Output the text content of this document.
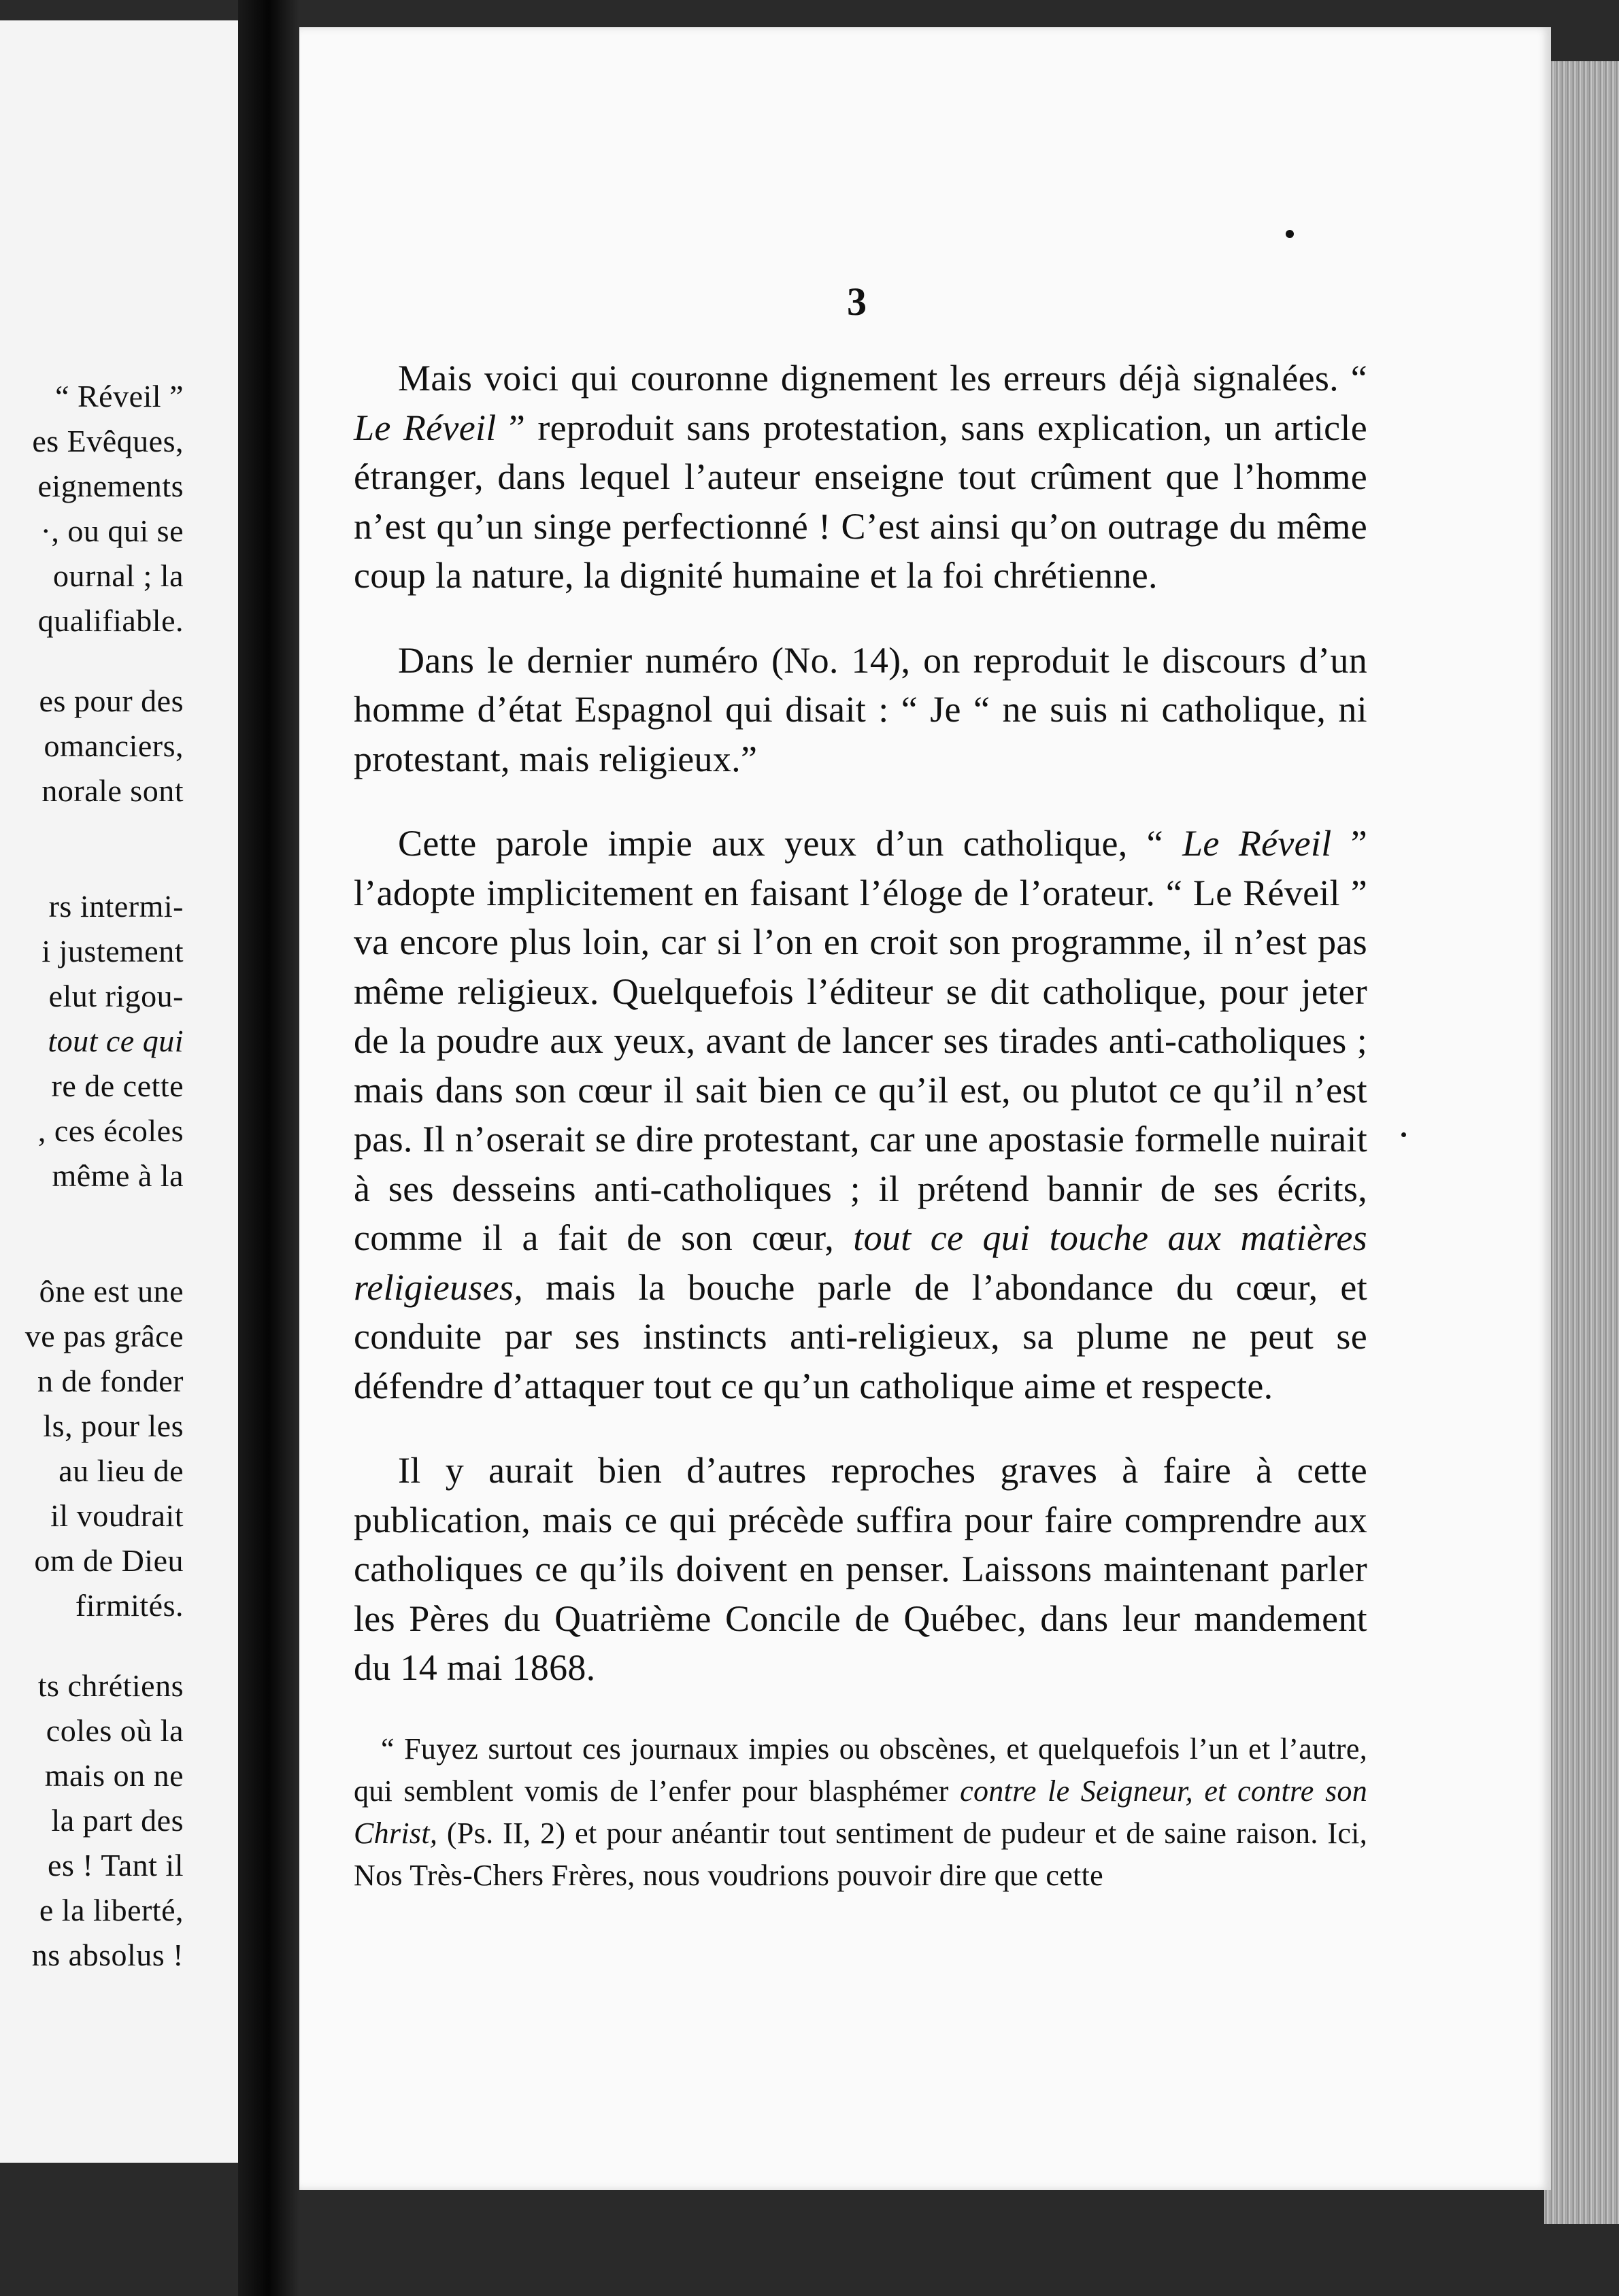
“ Réveil ”
es Evêques,
eignements
·, ou qui se
ournal ; la
qualifiable.
es pour des
omanciers,
norale sont
rs intermi-
i justement
elut rigou-
tout ce qui
re de cette
, ces écoles
même à la
ône est une
ve pas grâce
n de fonder
ls, pour les
au lieu de
il voudrait
om de Dieu
firmités.
ts chrétiens
coles où la
mais on ne
la part des
es ! Tant il
e la liberté,
ns absolus !
3

Mais voici qui couronne dignement les erreurs déjà signalées. “ Le Réveil ” reproduit sans protestation, sans explication, un article étranger, dans lequel l’auteur enseigne tout crûment que l’homme n’est qu’un singe perfectionné ! C’est ainsi qu’on outrage du même coup la nature, la dignité humaine et la foi chrétienne.

Dans le dernier numéro (No. 14), on reproduit le discours d’un homme d’état Espagnol qui disait : “ Je “ ne suis ni catholique, ni protestant, mais religieux.”

Cette parole impie aux yeux d’un catholique, “ Le Réveil ” l’adopte implicitement en faisant l’éloge de l’orateur. “ Le Réveil ” va encore plus loin, car si l’on en croit son programme, il n’est pas même religieux. Quelquefois l’éditeur se dit catholique, pour jeter de la poudre aux yeux, avant de lancer ses tirades anti-catholiques ; mais dans son cœur il sait bien ce qu’il est, ou plutot ce qu’il n’est pas. Il n’oserait se dire protestant, car une apostasie formelle nuirait à ses desseins anti-catholiques ; il prétend bannir de ses écrits, comme il a fait de son cœur, tout ce qui touche aux matières religieuses, mais la bouche parle de l’abondance du cœur, et conduite par ses instincts anti-religieux, sa plume ne peut se défendre d’attaquer tout ce qu’un catholique aime et respecte.

Il y aurait bien d’autres reproches graves à faire à cette publication, mais ce qui précède suffira pour faire comprendre aux catholiques ce qu’ils doivent en penser. Laissons maintenant parler les Pères du Quatrième Concile de Québec, dans leur mandement du 14 mai 1868.

“ Fuyez surtout ces journaux impies ou obscènes, et quelquefois l’un et l’autre, qui semblent vomis de l’enfer pour blasphémer contre le Seigneur, et contre son Christ, (Ps. II, 2) et pour anéantir tout sentiment de pudeur et de saine raison. Ici, Nos Très-Chers Frères, nous voudrions pouvoir dire que cette
